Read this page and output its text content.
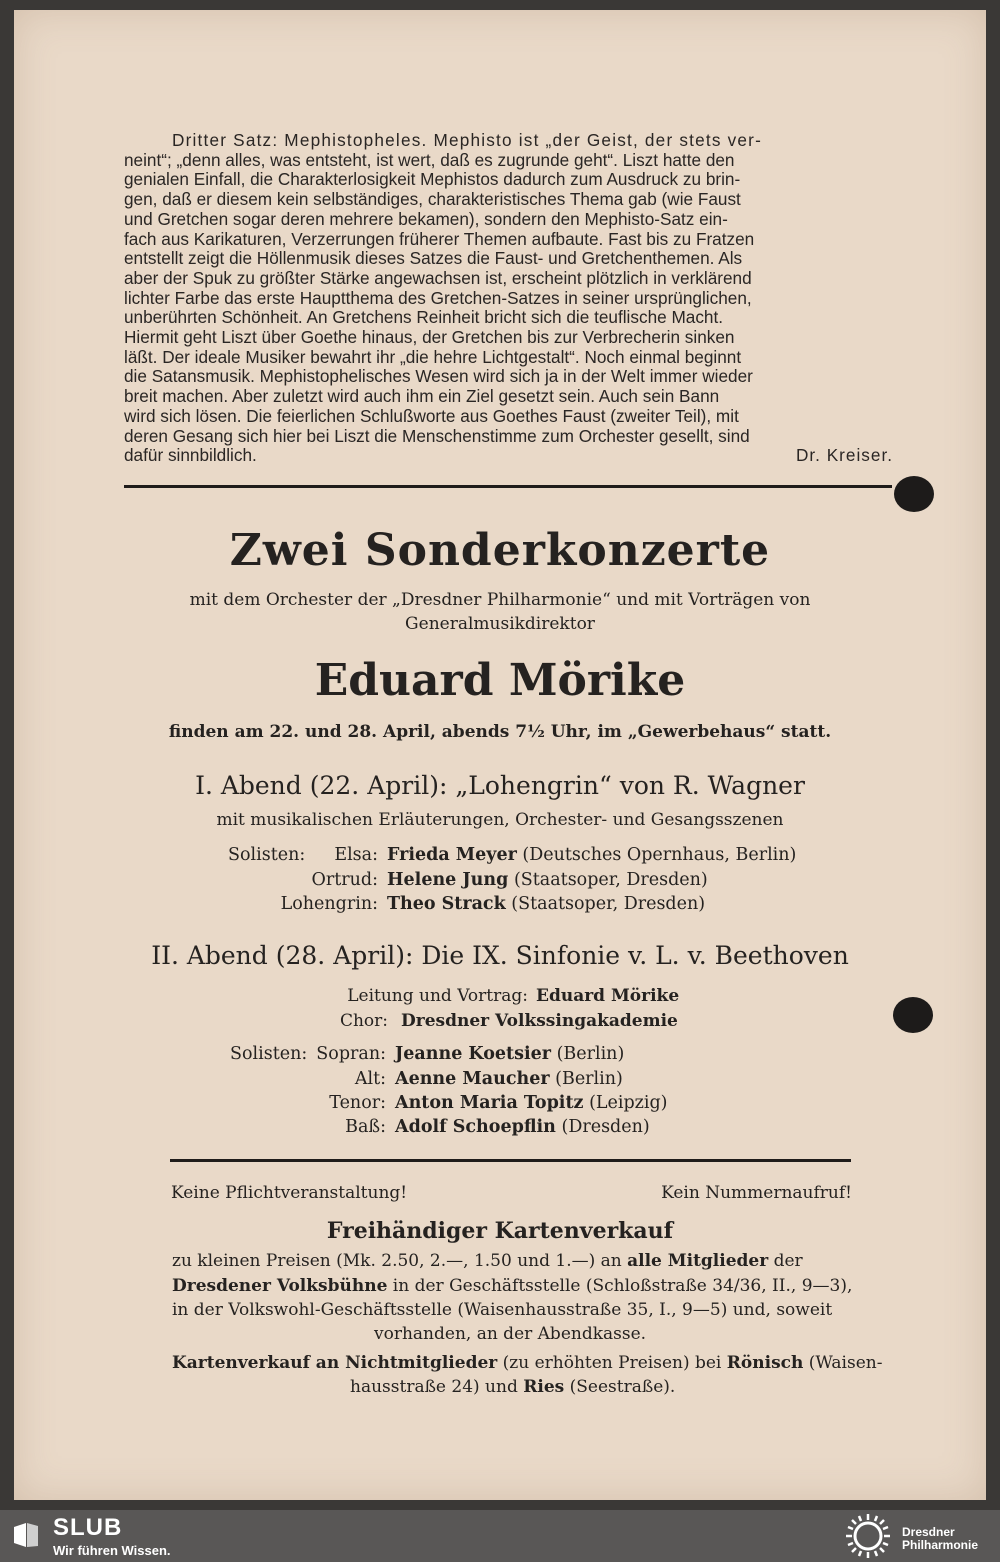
Dritter Satz: Mephistopheles. Mephisto ist „der Geist, der stets ver-
neint“; „denn alles, was entsteht, ist wert, daß es zugrunde geht“. Liszt hatte den
genialen Einfall, die Charakterlosigkeit Mephistos dadurch zum Ausdruck zu brin-
gen, daß er diesem kein selbständiges, charakteristisches Thema gab (wie Faust
und Gretchen sogar deren mehrere bekamen), sondern den Mephisto-Satz ein-
fach aus Karikaturen, Verzerrungen früherer Themen aufbaute. Fast bis zu Fratzen
entstellt zeigt die Höllenmusik dieses Satzes die Faust- und Gretchenthemen. Als
aber der Spuk zu größter Stärke angewachsen ist, erscheint plötzlich in verklärend
lichter Farbe das erste Hauptthema des Gretchen-Satzes in seiner ursprünglichen,
unberührten Schönheit. An Gretchens Reinheit bricht sich die teuflische Macht.
Hiermit geht Liszt über Goethe hinaus, der Gretchen bis zur Verbrecherin sinken
läßt. Der ideale Musiker bewahrt ihr „die hehre Lichtgestalt“. Noch einmal beginnt
die Satansmusik. Mephistophelisches Wesen wird sich ja in der Welt immer wieder
breit machen. Aber zuletzt wird auch ihm ein Ziel gesetzt sein. Auch sein Bann
wird sich lösen. Die feierlichen Schlußworte aus Goethes Faust (zweiter Teil), mit
deren Gesang sich hier bei Liszt die Menschenstimme zum Orchester gesellt, sind
dafür sinnbildlich.	Dr. Kreiser.
Zwei Sonderkonzerte
mit dem Orchester der „Dresdner Philharmonie“ und mit Vorträgen von
Generalmusikdirektor
Eduard Mörike
finden am 22. und 28. April, abends 7½ Uhr, im „Gewerbehaus“ statt.
I. Abend (22. April): „Lohengrin“ von R. Wagner
mit musikalischen Erläuterungen, Orchester- und Gesangsszenen
Solisten: Elsa: Frieda Meyer (Deutsches Opernhaus, Berlin)
Ortrud: Helene Jung (Staatsoper, Dresden)
Lohengrin: Theo Strack (Staatsoper, Dresden)
II. Abend (28. April): Die IX. Sinfonie v. L. v. Beethoven
Leitung und Vortrag: Eduard Mörike
Chor: Dresdner Volkssingakademie
Solisten: Sopran: Jeanne Koetsier (Berlin)
Alt: Aenne Maucher (Berlin)
Tenor: Anton Maria Topitz (Leipzig)
Baß: Adolf Schoepflin (Dresden)
Keine Pflichtveranstaltung!	Kein Nummernaufruf!
Freihändiger Kartenverkauf
zu kleinen Preisen (Mk. 2.50, 2.—, 1.50 und 1.—) an alle Mitglieder der
Dresdener Volksbühne in der Geschäftsstelle (Schloßstraße 34/36, II., 9—3),
in der Volkswohl-Geschäftsstelle (Waisenhausstraße 35, I., 9—5) und, soweit
vorhanden, an der Abendkasse.
Kartenverkauf an Nichtmitglieder (zu erhöhten Preisen) bei Rönisch (Waisen-
hausstraße 24) und Ries (Seestraße).
SLUB
Wir führen Wissen.
Dresdner
Philharmonie
